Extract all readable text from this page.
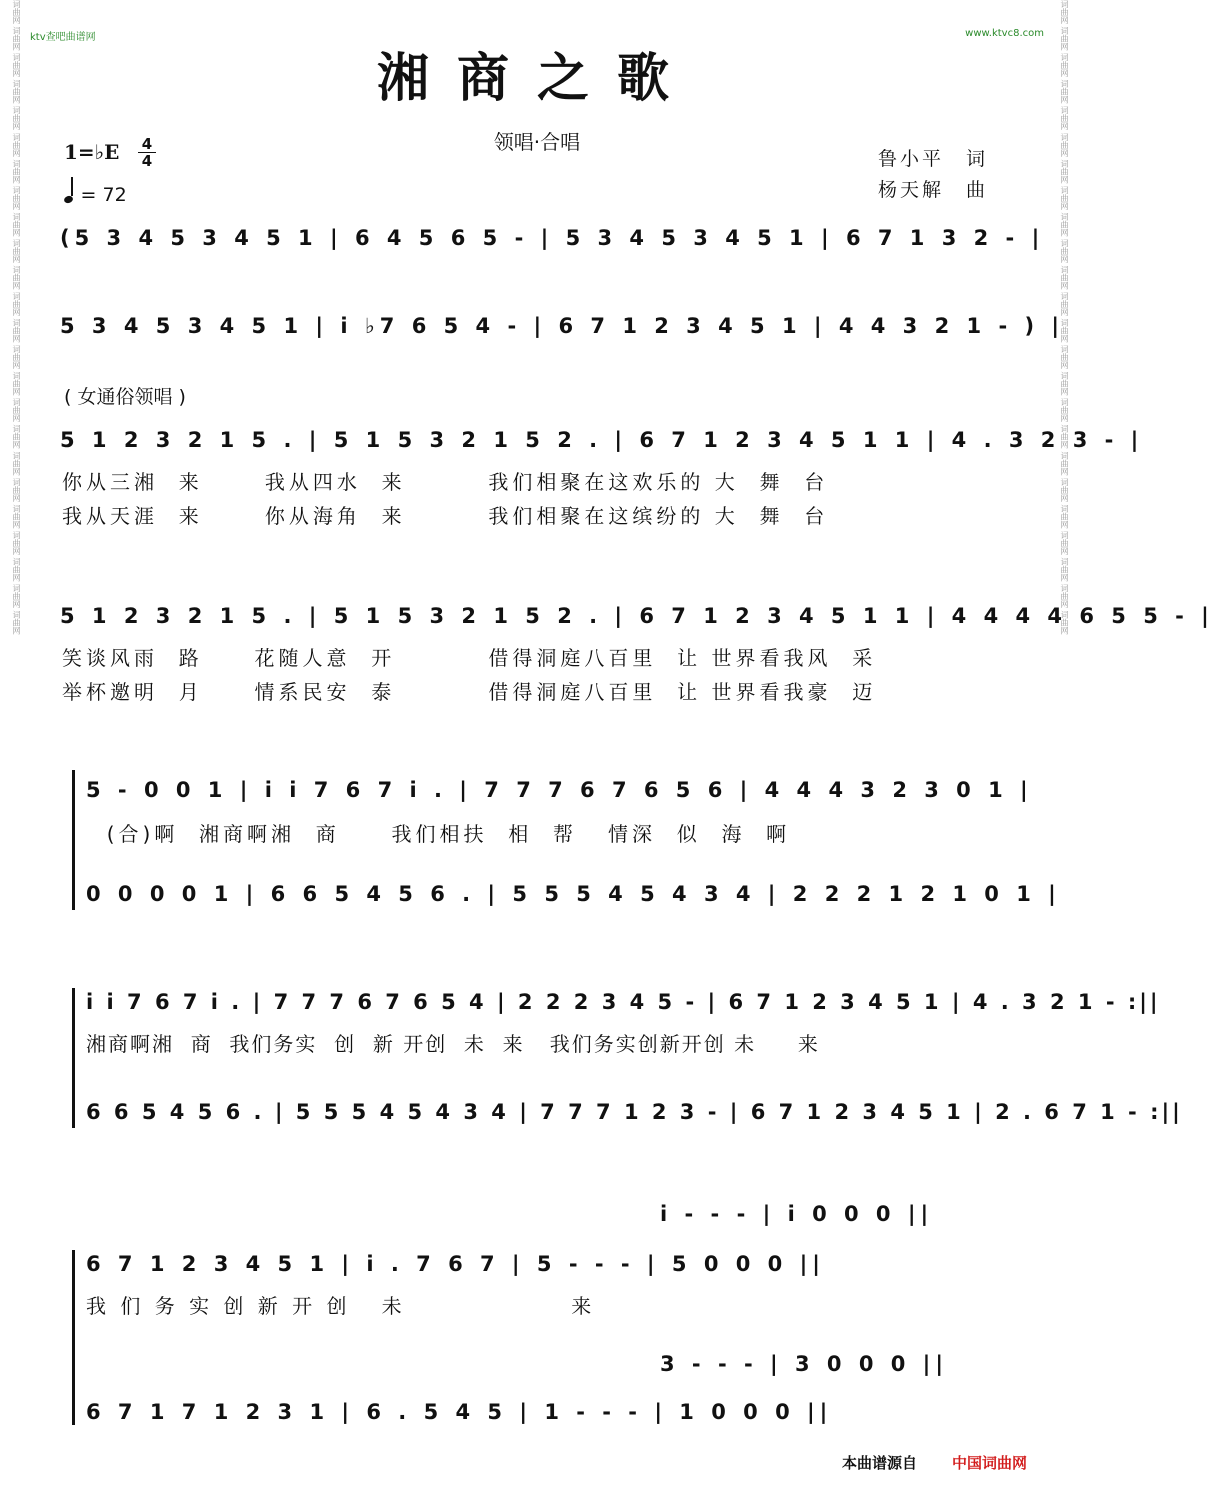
词曲网 词曲网 词曲网 词曲网 词曲网 词曲网 词曲网 词曲网 词曲网 词曲网 词曲网 词曲网 词曲网 词曲网 词曲网 词曲网 词曲网 词曲网 词曲网 词曲网 词曲网 词曲网 词曲网 词曲网	词曲网 词曲网 词曲网 词曲网 词曲网 词曲网 词曲网 词曲网 词曲网 词曲网 词曲网 词曲网 词曲网 词曲网 词曲网 词曲网 词曲网 词曲网 词曲网 词曲网 词曲网 词曲网 词曲网 词曲网
ktv查吧曲谱网	www.ktvc8.com
湘商之歌
领唱·合唱
鲁小平　词
杨天解　曲
1=♭E 4
4
= 72
(5 3 4 5 3 4 5 1 | 6 4 5 6 5 - | 5 3 4 5 3 4 5 1 | 6 7 1 3 2 - |
5 3 4 5 3 4 5 1 | i ♭7 6 5 4 - | 6 7 1 2 3 4 5 1 | 4 4 3 2 1 - ) |
( 女通俗领唱 )
5 1 2 3 2 1 5 . | 5 1 5 3 2 1 5 2 . | 6 7 1 2 3 4 5 1 1 | 4 . 3 2 3 - |
你从三湘  来      我从四水  来        我们相聚在这欢乐的 大  舞  台
我从天涯  来      你从海角  来        我们相聚在这缤纷的 大  舞  台
5 1 2 3 2 1 5 . | 5 1 5 3 2 1 5 2 . | 6 7 1 2 3 4 5 1 1 | 4 4 4 4 6 5 5 - |
笑谈风雨  路     花随人意  开         借得洞庭八百里  让 世界看我风  采
举杯邀明  月     情系民安  泰         借得洞庭八百里  让 世界看我豪  迈
5 - 0 0 1 | i i 7 6 7 i . | 7 7 7 6 7 6 5 6 | 4 4 4 3 2 3 0 1 |
(合)啊  湘商啊湘  商     我们相扶  相  帮   情深  似  海  啊
0 0 0 0 1 | 6 6 5 4 5 6 . | 5 5 5 4 5 4 3 4 | 2 2 2 1 2 1 0 1 |
i i 7 6 7 i . | 7 7 7 6 7 6 5 4 | 2 2 2 3 4 5 - | 6 7 1 2 3 4 5 1 | 4 . 3 2 1 - :||
湘商啊湘  商  我们务实  创  新 开创  未  来   我们务实创新开创 未     来
6 6 5 4 5 6 . | 5 5 5 4 5 4 3 4 | 7 7 7 1 2 3 - | 6 7 1 2 3 4 5 1 | 2 . 6 7 1 - :||
i - - - | i 0 0 0 ||
6 7 1 2 3 4 5 1 | i . 7 6 7 | 5 - - - | 5 0 0 0 ||
我 们 务 实 创 新 开 创   未                来
3 - - - | 3 0 0 0 ||
6 7 1 7 1 2 3 1 | 6 . 5 4 5 | 1 - - - | 1 0 0 0 ||
本曲谱源自 中国词曲网
